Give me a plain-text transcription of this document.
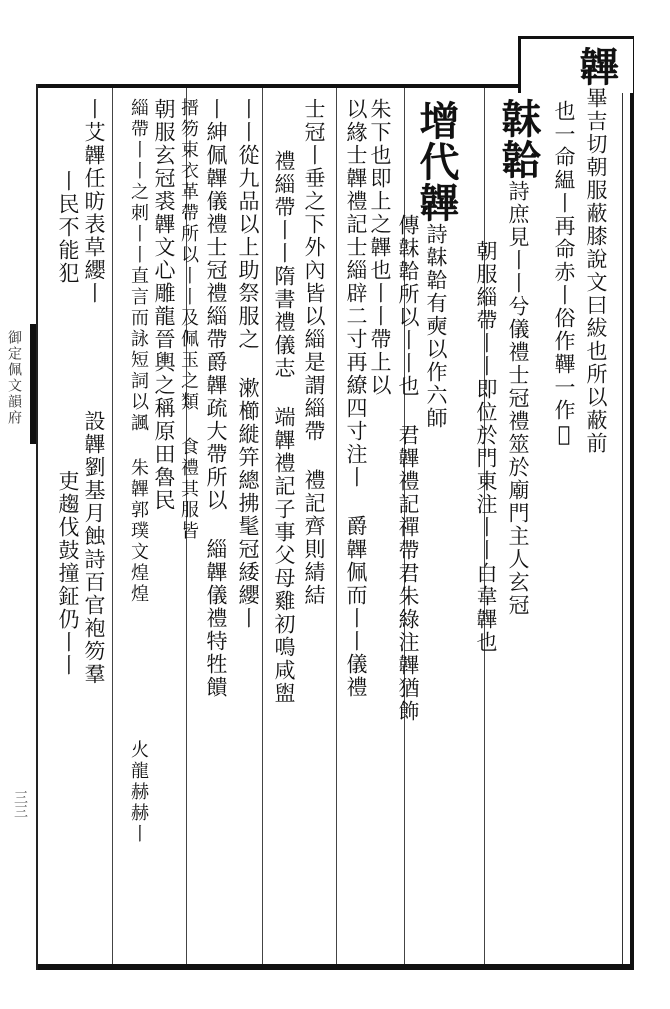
韠畢吉切朝服蔽膝說文曰紱也所以蔽前
也一命緼丨再命赤丨俗作鞸一作𩏏
韎韐詩庶見丨丨兮儀禮士冠禮筮於廟門主人玄冠
朝服緇帶丨丨即位於門東注丨丨白韋韠也
增代韠詩韎韐有奭以作六師
傳韎韐所以丨丨也 君韠禮記禪帶君朱綠注韠猶飾
朱下也即上之韠也丨丨帶上以
以緣士韠禮記士緇辟二寸再繚四寸注丨 爵韠佩而丨丨儀禮
士冠丨垂之下外內皆以緇是謂緇帶 禮記齊則綪結
禮緇帶丨丨隋書禮儀志 端韠禮記子事父母雞初鳴咸盥
丨丨從九品以上助祭服之 漱櫛縰笄總拂髦冠緌纓丨
丨紳佩韠儀禮士冠禮緇帶爵韠疏大帶所以 緇韠儀禮特牲饋
搢笏束衣革帶所以丨丨及佩玉之類 食禮其服皆
朝服玄冠裘韠文心雕龍晉輿之稱原田魯民
緇帶丨丨之刺丨丨直言而詠短詞以諷 朱韠郭璞文煌煌
火龍赫赫丨
丨艾韠任昉表草纓丨
丨民不能犯
設韠劉基月蝕詩百官袍笏羣
吏趨伐鼓撞鉦仍丨丨
御定佩文韻府
三三
